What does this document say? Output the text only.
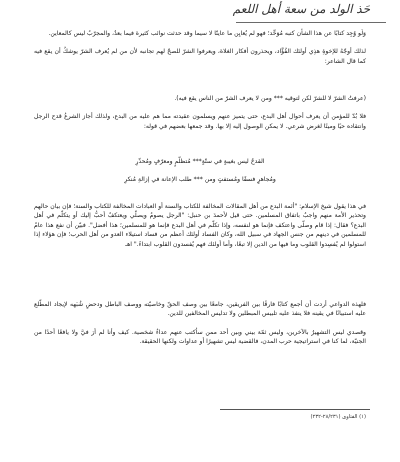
حَذ الولد من سعة أهل اللعم

وَلَو وُجِد كتابًا عن هذا الشأن كتبه مُوَحِّد؛ فهو لم يُعايِن ما عاينّا لا سيما وقد حدثت نوائب كثيرة فيما بعدُ، والمجرّبُ ليس كالمعاين.

لذلك أوجّهُ للإخوةِ هذِي أولئك الفُؤَّاد، ويحذرون أفكار الغلاة، ويعرفوا الشرّ للصحّ لهم تجانبه لأن من لم يُعرف الشرّ يوشكُ أن يقع فيه كما قال الشاعر:

(عرفتُ الشرّ لا للشرّ لكن لتوقيه *** ومن لا يعرف الشرّ من الناس يقع فيه).

فلا بُدّ للمؤمن أن يعرف أحوال أهل البدع، حتى يتميز عنهم ويسلمون عقيدته مما هم عليه من البدع، ولذلك أجاز الشرعُ قدح الرجل وانتقاده حيًا وميتًا لغرض شرعي. لا يمكن الوصول إليه إلا بها. وقد جمعها بعضهم في قوله:

القدحُ ليس بغيبةٍ في ستّةٍ*** مُتظلّمٍ ومعرّفٍ ومُحذّرِ

ومُجاهرٍ فسقًا ومُستفتٍ ومن *** طلب الإعانة في إزالةِ مُنكرِ

في هذا يقول شيخ الإسلام: "أئمة البدع من أهل المقالات المخالفة للكتاب والسنة أو العبادات المخالفة للكتاب والسنة؛ فإن بيان حالهم وتحذير الأمة منهم واجبٌ باتفاق المسلمين. حتى قيل لأحمدَ بن حنبل: "الرجل يصومُ ويصلّي ويعتكفُ أحبُّ إليك أو يتكلّم في أهل البدع؟ فقال: إذا قام وصلّى واعتكف فإنما هو لنفسه، وإذا تكلّم في أهل البدع فإنما هو للمسلمين؛ هذا أفضل". فبيّن أن نفع هذا عامٌ للمسلمين في دينهم من جنس الجهاد في سبيل الله، وكان الفساد أولئك أعظم من فساد استيلاء العدو من أهل الحرب؛ فإن هؤلاء إذا استولوا لم يُفسِدوا القلوب وما فيها من الدين إلا تبعًا، وأما أولئك فهم يُفسدون القلوب ابتداءً." اهـ

فلهذه الدواعي أردت أن أجمع كتابًا فارقًا بين الفريقين، جامعًا بين وصف الحقّ وخاصيّته ووصف الباطل ودحضِ شُبَهه لإيجاد المطّلع عليه استبيانًا في يقينه فلا ينفذ عليه تلبيس المبطلين ولا تدليس المخالفين للدين.

وقصدي ليس التشهيرُ بالآخرين، وليس ثمّة بيني وبين أحد ممن سأكتب عنهم عداءٌ شخصية. كيف وأنا لم أرَ فيَّ ولا يافعًا أحدًا من الجنيّة، لما كنا في استراتيجية حرب المدن، فالقضية ليس تشهيرًا أو عداوات ولكنها الحقيقة.

(١) الفتاوى (٢٨/٢٣١-٢٣٢)
